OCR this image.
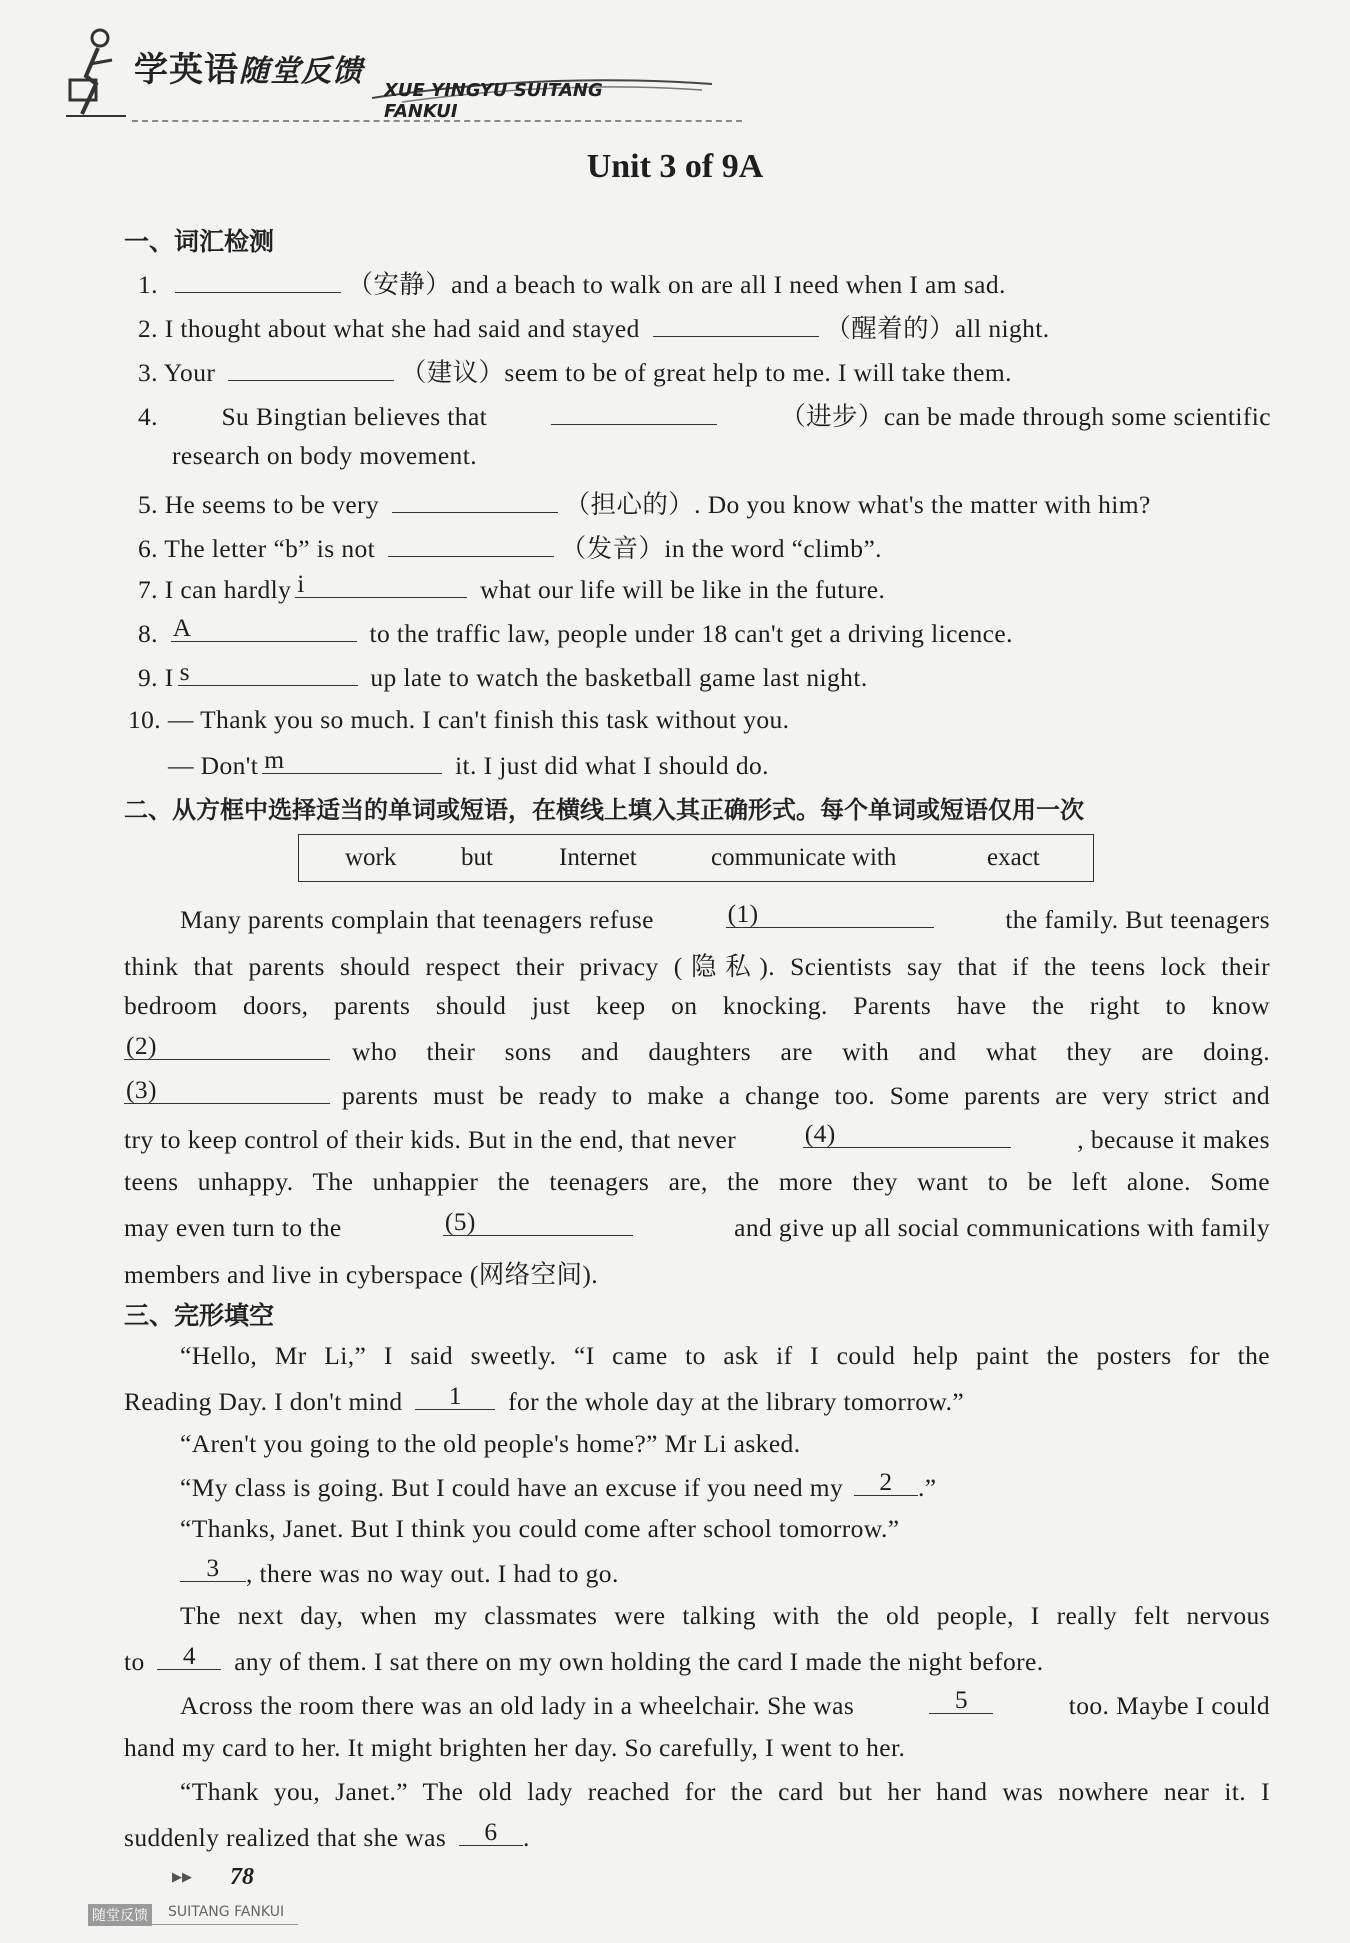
学英语随堂反馈
XUE YINGYU SUITANG FANKUI
Unit 3 of 9A
一、词汇检测
1.	（安静）and a beach to walk on are all I need when I am sad.
2. I thought about what she had said and stayed	（醒着的）all night.
3. Your	（建议）seem to be of great help to me. I will take them.
4. Su Bingtian believes that	（进步）can be made through some scientific
research on body movement.
5. He seems to be very	（担心的）. Do you know what's the matter with him?
6. The letter “b” is not	（发音）in the word “climb”.
7. I can hardly i	what our life will be like in the future.
8. A	to the traffic law, people under 18 can't get a driving licence.
9. I s	up late to watch the basketball game last night.
10. — Thank you so much. I can't finish this task without you.
— Don't m	it. I just did what I should do.
二、从方框中选择适当的单词或短语，在横线上填入其正确形式。每个单词或短语仅用一次
work	but	Internet	communicate with	exact
Many parents complain that teenagers refuse	(1)	the family. But teenagers
think that parents should respect their privacy (隐私). Scientists say that if the teens lock their
bedroom doors, parents should just keep on knocking. Parents have the right to know
(2)	who their sons and daughters are with and what they are doing.
(3)	parents must be ready to make a change too. Some parents are very strict and
try to keep control of their kids. But in the end, that never	(4)	, because it makes
teens unhappy. The unhappier the teenagers are, the more they want to be left alone. Some
may even turn to the	(5)	and give up all social communications with family
members and live in cyberspace (网络空间).
三、完形填空
“Hello, Mr Li,” I said sweetly. “I came to ask if I could help paint the posters for the
Reading Day. I don't mind	1	for the whole day at the library tomorrow.”
“Aren't you going to the old people's home?” Mr Li asked.
“My class is going. But I could have an excuse if you need my	2 .”
“Thanks, Janet. But I think you could come after school tomorrow.”
3	, there was no way out. I had to go.
The next day, when my classmates were talking with the old people, I really felt nervous
to	4	any of them. I sat there on my own holding the card I made the night before.
Across the room there was an old lady in a wheelchair. She was	5	too. Maybe I could
hand my card to her. It might brighten her day. So carefully, I went to her.
“Thank you, Janet.” The old lady reached for the card but her hand was nowhere near it. I
suddenly realized that she was	6 .
▶▶ 78
随堂反馈 SUITANG FANKUI
